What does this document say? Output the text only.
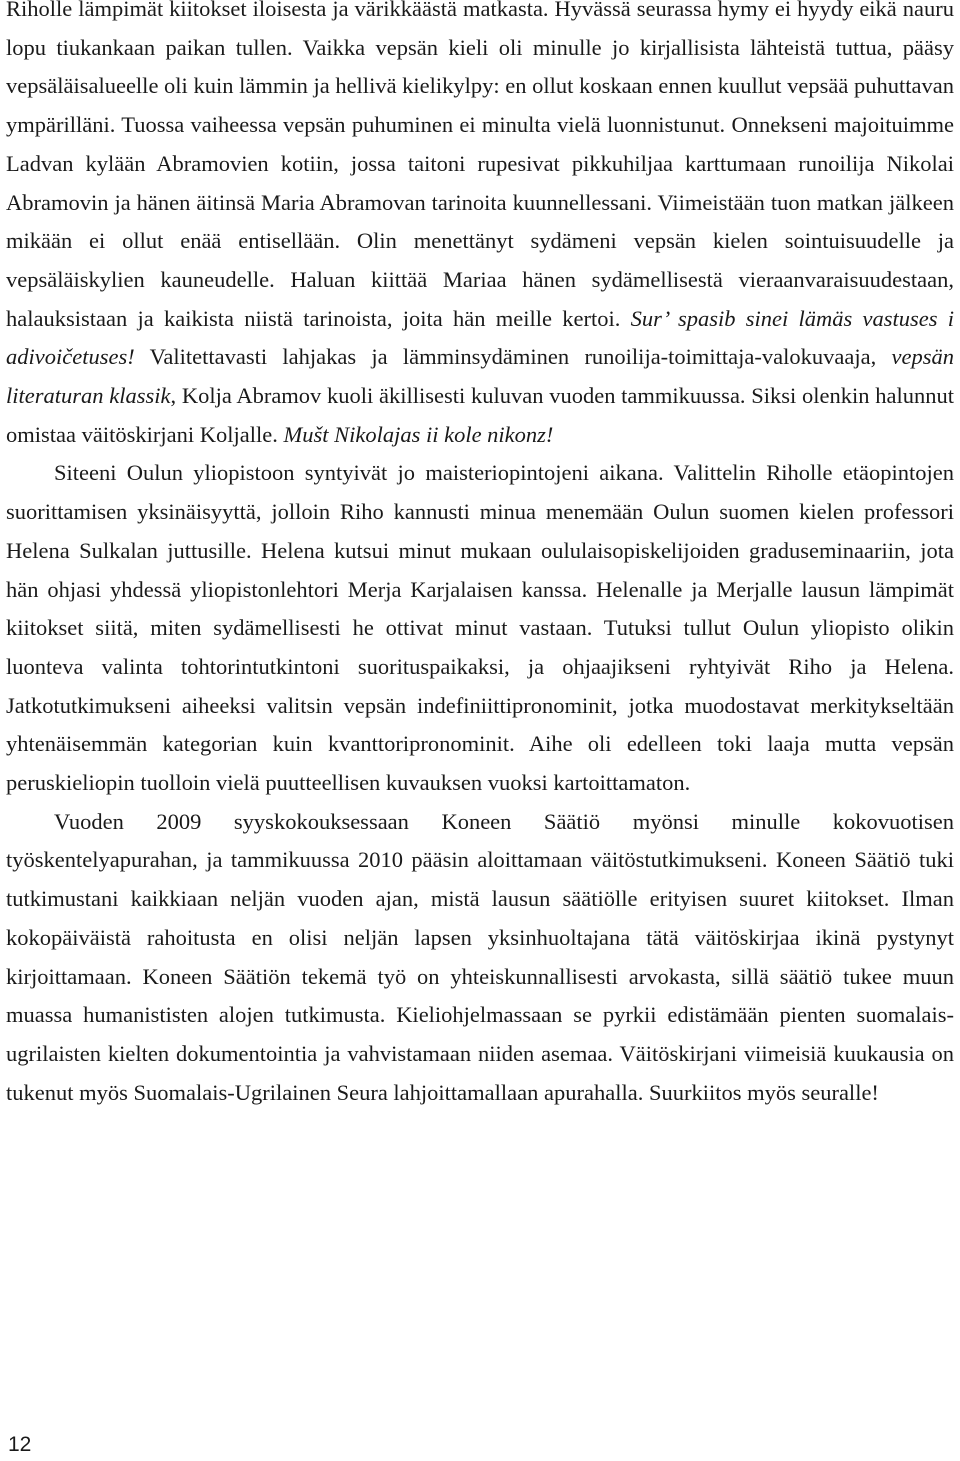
Riholle lämpimät kiitokset iloisesta ja värikkäästä matkasta. Hyvässä seurassa hymy ei hyydy eikä nauru lopu tiukankaan paikan tullen. Vaikka vepsän kieli oli minulle jo kirjallisista lähteistä tuttua, pääsy vepsäläisalueelle oli kuin lämmin ja hellivä kielikylpy: en ollut koskaan ennen kuullut vepsää puhuttavan ympärilläni. Tuossa vaiheessa vepsän puhuminen ei minulta vielä luonnistunut. Onnekseni majoituimme Ladvan kylään Abramovien kotiin, jossa taitoni rupesivat pikkuhiljaa karttumaan runoilija Nikolai Abramovin ja hänen äitinsä Maria Abramovan tarinoita kuunnellessani. Viimeistään tuon matkan jälkeen mikään ei ollut enää entisellään. Olin menettänyt sydämeni vepsän kielen sointuisuudelle ja vepsäläiskylien kauneudelle. Haluan kiittää Mariaa hänen sydämellisestä vieraanvaraisuudestaan, halauksistaan ja kaikista niistä tarinoista, joita hän meille kertoi. Sur’ spasib sinei lämäs vastuses i adivoičetuses! Valitettavasti lahjakas ja lämminsydäminen runoilija-toimittaja-valokuvaaja, vepsän literaturan klassik, Kolja Abramov kuoli äkillisesti kuluvan vuoden tammikuussa. Siksi olenkin halunnut omistaa väitöskirjani Koljalle. Mušt Nikolajas ii kole nikonz!

Siteeni Oulun yliopistoon syntyivät jo maisteriopintojeni aikana. Valittelin Riholle etäopintojen suorittamisen yksinäisyyttä, jolloin Riho kannusti minua menemään Oulun suomen kielen professori Helena Sulkalan juttusille. Helena kutsui minut mukaan oululaisopiskelijoiden graduseminaariin, jota hän ohjasi yhdessä yliopistonlehtori Merja Karjalaisen kanssa. Helenalle ja Merjalle lausun lämpimät kiitokset siitä, miten sydämellisesti he ottivat minut vastaan. Tutuksi tullut Oulun yliopisto olikin luonteva valinta tohtorintutkintoni suorituspaikaksi, ja ohjaajikseni ryhtyivät Riho ja Helena. Jatkotutkimukseni aiheeksi valitsin vepsän indefiniittipronominit, jotka muodostavat merkitykseltään yhtenäisemmän kategorian kuin kvanttoripronominit. Aihe oli edelleen toki laaja mutta vepsän peruskieliopin tuolloin vielä puutteellisen kuvauksen vuoksi kartoittamaton.

Vuoden 2009 syyskokouksessaan Koneen Säätiö myönsi minulle kokovuotisen työskentelyapurahan, ja tammikuussa 2010 pääsin aloittamaan väitöstutkimukseni. Koneen Säätiö tuki tutkimustani kaikkiaan neljän vuoden ajan, mistä lausun säätiölle erityisen suuret kiitokset. Ilman kokopäiväistä rahoitusta en olisi neljän lapsen yksinhuoltajana tätä väitöskirjaa ikinä pystynyt kirjoittamaan. Koneen Säätiön tekemä työ on yhteiskunnallisesti arvokasta, sillä säätiö tukee muun muassa humanististen alojen tutkimusta. Kieliohjelmassaan se pyrkii edistämään pienten suomalais-ugrilaisten kielten dokumentointia ja vahvistamaan niiden asemaa. Väitöskirjani viimeisiä kuukausia on tukenut myös Suomalais-Ugrilainen Seura lahjoittamallaan apurahalla. Suurkiitos myös seuralle!

12
